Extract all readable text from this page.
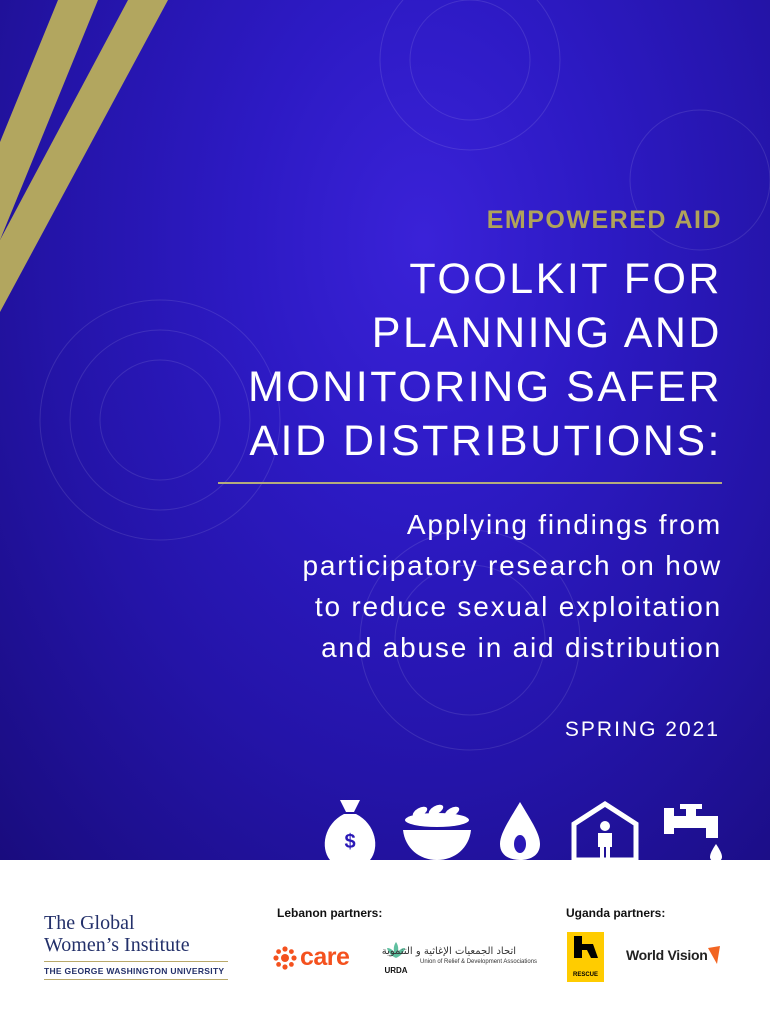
EMPOWERED AID
TOOLKIT FOR
PLANNING AND
MONITORING SAFER
AID DISTRIBUTIONS:
Applying findings from
participatory research on how
to reduce sexual exploitation
and abuse in aid distribution
SPRING 2021
$
The Global
Women’s Institute
THE GEORGE WASHINGTON UNIVERSITY
Lebanon partners:	Uganda partners:
care	URDA
اتحاد الجمعيات الإغاثية و التنموية
Union of Relief & Development Associations
RESCUE
World Vision
